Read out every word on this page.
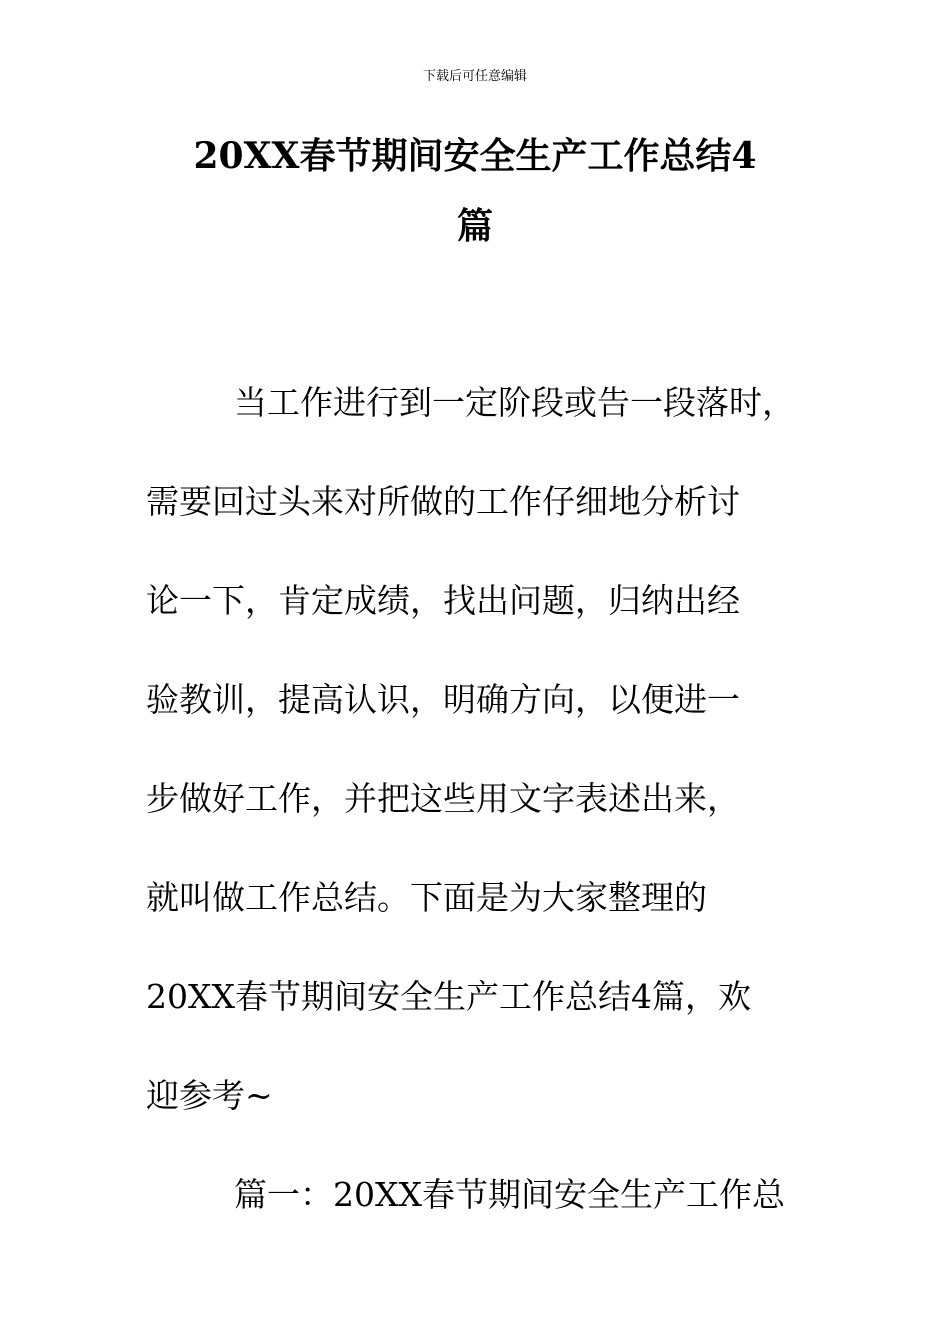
下载后可任意编辑
20XX春节期间安全生产工作总结4
篇
当工作进行到一定阶段或告一段落时，
需要回过头来对所做的工作仔细地分析讨
论一下，肯定成绩，找出问题，归纳出经
验教训，提高认识，明确方向，以便进一
步做好工作，并把这些用文字表述出来，
就叫做工作总结。下面是为大家整理的
20XX春节期间安全生产工作总结4篇，欢
迎参考~
篇一：20XX春节期间安全生产工作总
